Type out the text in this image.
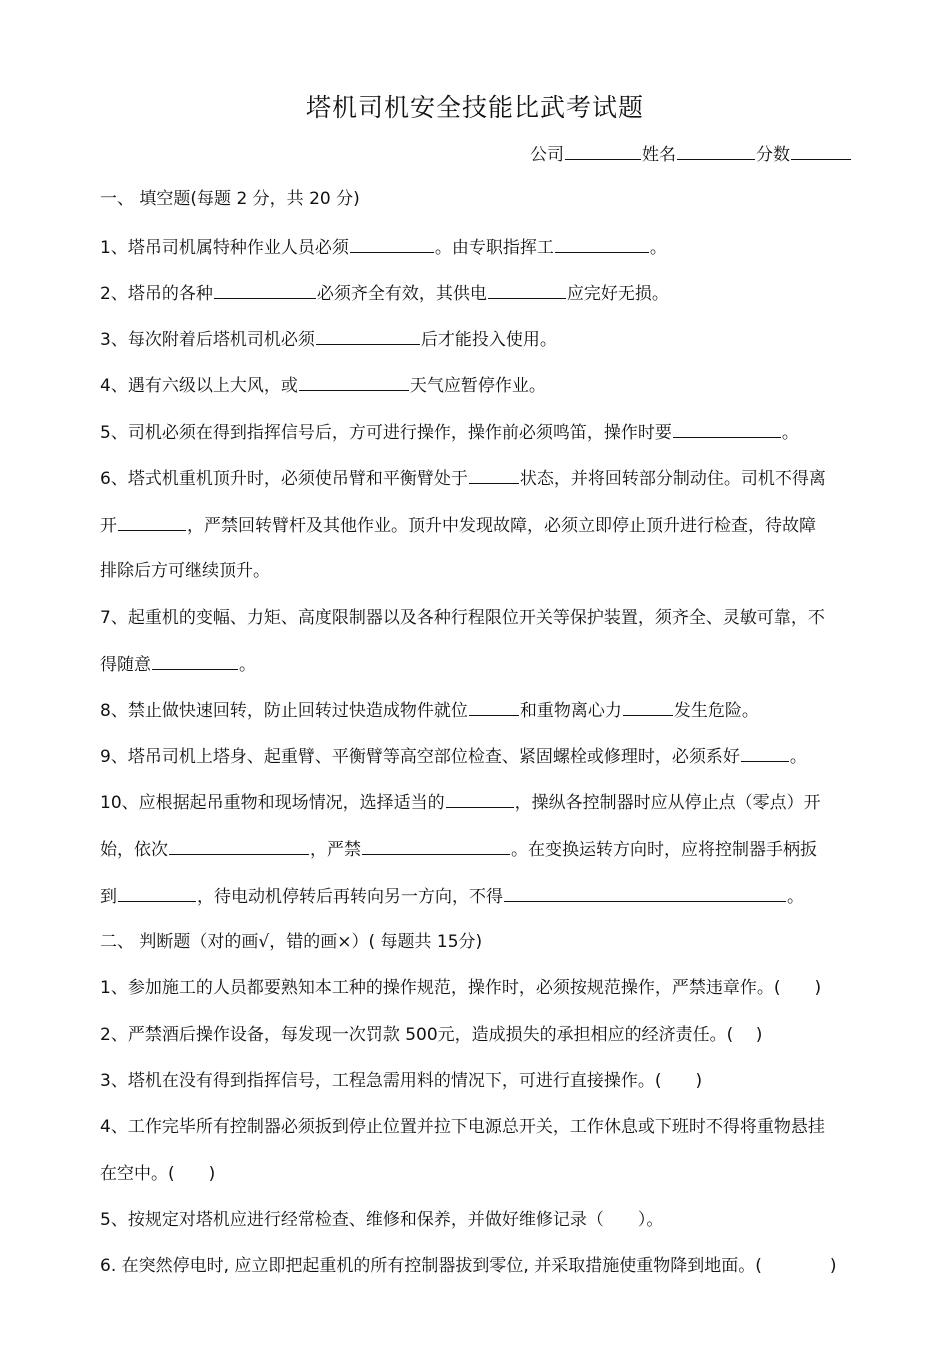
塔机司机安全技能比武考试题
公司	姓名	分数
一、 填空题(每题 2 分，共 20 分)
1、塔吊司机属特种作业人员必须	。由专职指挥工	。
2、塔吊的各种	必须齐全有效，其供电	应完好无损。
3、每次附着后塔机司机必须	后才能投入使用。
4、遇有六级以上大风，或	天气应暂停作业。
5、司机必须在得到指挥信号后，方可进行操作，操作前必须鸣笛，操作时要	。
6、塔式机重机顶升时，必须使吊臂和平衡臂处于	状态，并将回转部分制动住。司机不得离
开	，严禁回转臂杆及其他作业。顶升中发现故障，必须立即停止顶升进行检查，待故障
排除后方可继续顶升。
7、起重机的变幅、力矩、高度限制器以及各种行程限位开关等保护装置，须齐全、灵敏可靠，不
得随意	。
8、禁止做快速回转，防止回转过快造成物件就位	和重物离心力	发生危险。
9、塔吊司机上塔身、起重臂、平衡臂等高空部位检查、紧固螺栓或修理时，必须系好	。
10、应根据起吊重物和现场情况，选择适当的	，操纵各控制器时应从停止点（零点）开
始，依次	，严禁	。在变换运转方向时，应将控制器手柄扳
到	，待电动机停转后再转向另一方向，不得	。
二、 判断题（对的画√，错的画×）( 每题共 15分)
1、参加施工的人员都要熟知本工种的操作规范，操作时，必须按规范操作，严禁违章作。(　　)
2、严禁酒后操作设备，每发现一次罚款 500元，造成损失的承担相应的经济责任。(　 )
3、塔机在没有得到指挥信号，工程急需用料的情况下，可进行直接操作。(　　)
4、工作完毕所有控制器必须扳到停止位置并拉下电源总开关，工作休息或下班时不得将重物悬挂
在空中。(　　)
5、按规定对塔机应进行经常检查、维修和保养，并做好维修记录（　　）。
6. 在突然停电时, 应立即把起重机的所有控制器拔到零位, 并采取措施使重物降到地面。(　　　　)
